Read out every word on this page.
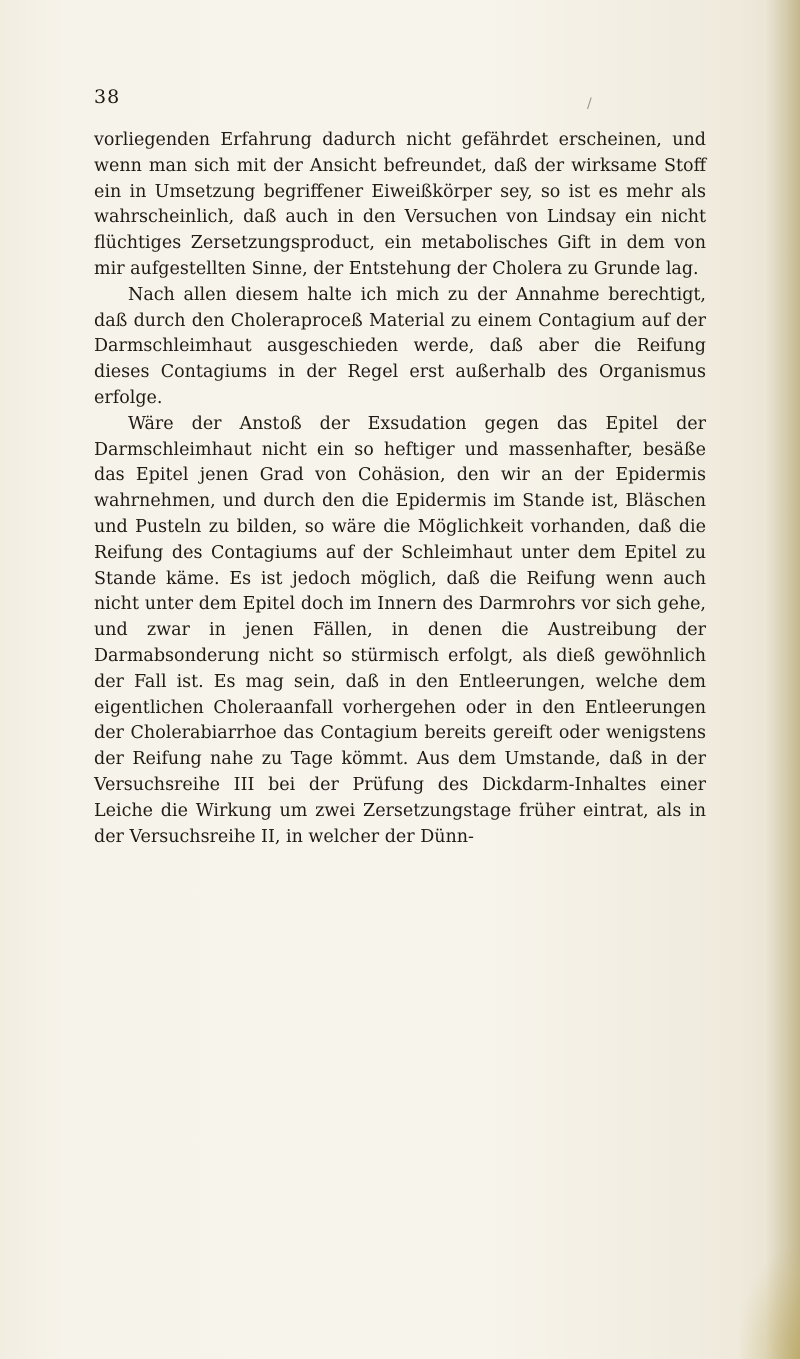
38	/

vorliegenden Erfahrung dadurch nicht gefährdet erscheinen, und wenn man sich mit der Ansicht befreundet, daß der wirksame Stoff ein in Umsetzung begriffener Eiweißkörper sey, so ist es mehr als wahrscheinlich, daß auch in den Versuchen von Lindsay ein nicht flüchtiges Zersetzungsproduct, ein metabolisches Gift in dem von mir aufgestellten Sinne, der Entstehung der Cholera zu Grunde lag.

Nach allen diesem halte ich mich zu der Annahme berechtigt, daß durch den Choleraproceß Material zu einem Contagium auf der Darmschleimhaut ausgeschieden werde, daß aber die Reifung dieses Contagiums in der Regel erst außerhalb des Organismus erfolge.

Wäre der Anstoß der Exsudation gegen das Epitel der Darmschleimhaut nicht ein so heftiger und massenhafter, besäße das Epitel jenen Grad von Cohäsion, den wir an der Epidermis wahrnehmen, und durch den die Epidermis im Stande ist, Bläschen und Pusteln zu bilden, so wäre die Möglichkeit vorhanden, daß die Reifung des Contagiums auf der Schleimhaut unter dem Epitel zu Stande käme. Es ist jedoch möglich, daß die Reifung wenn auch nicht unter dem Epitel doch im Innern des Darmrohrs vor sich gehe, und zwar in jenen Fällen, in denen die Austreibung der Darmabsonderung nicht so stürmisch erfolgt, als dieß gewöhnlich der Fall ist. Es mag sein, daß in den Entleerungen, welche dem eigentlichen Choleraanfall vorhergehen oder in den Entleerungen der Cholerabiarrhoe das Contagium bereits gereift oder wenigstens der Reifung nahe zu Tage kömmt. Aus dem Umstande, daß in der Versuchsreihe III bei der Prüfung des Dickdarm-Inhaltes einer Leiche die Wirkung um zwei Zersetzungstage früher eintrat, als in der Versuchsreihe II, in welcher der Dünn-
